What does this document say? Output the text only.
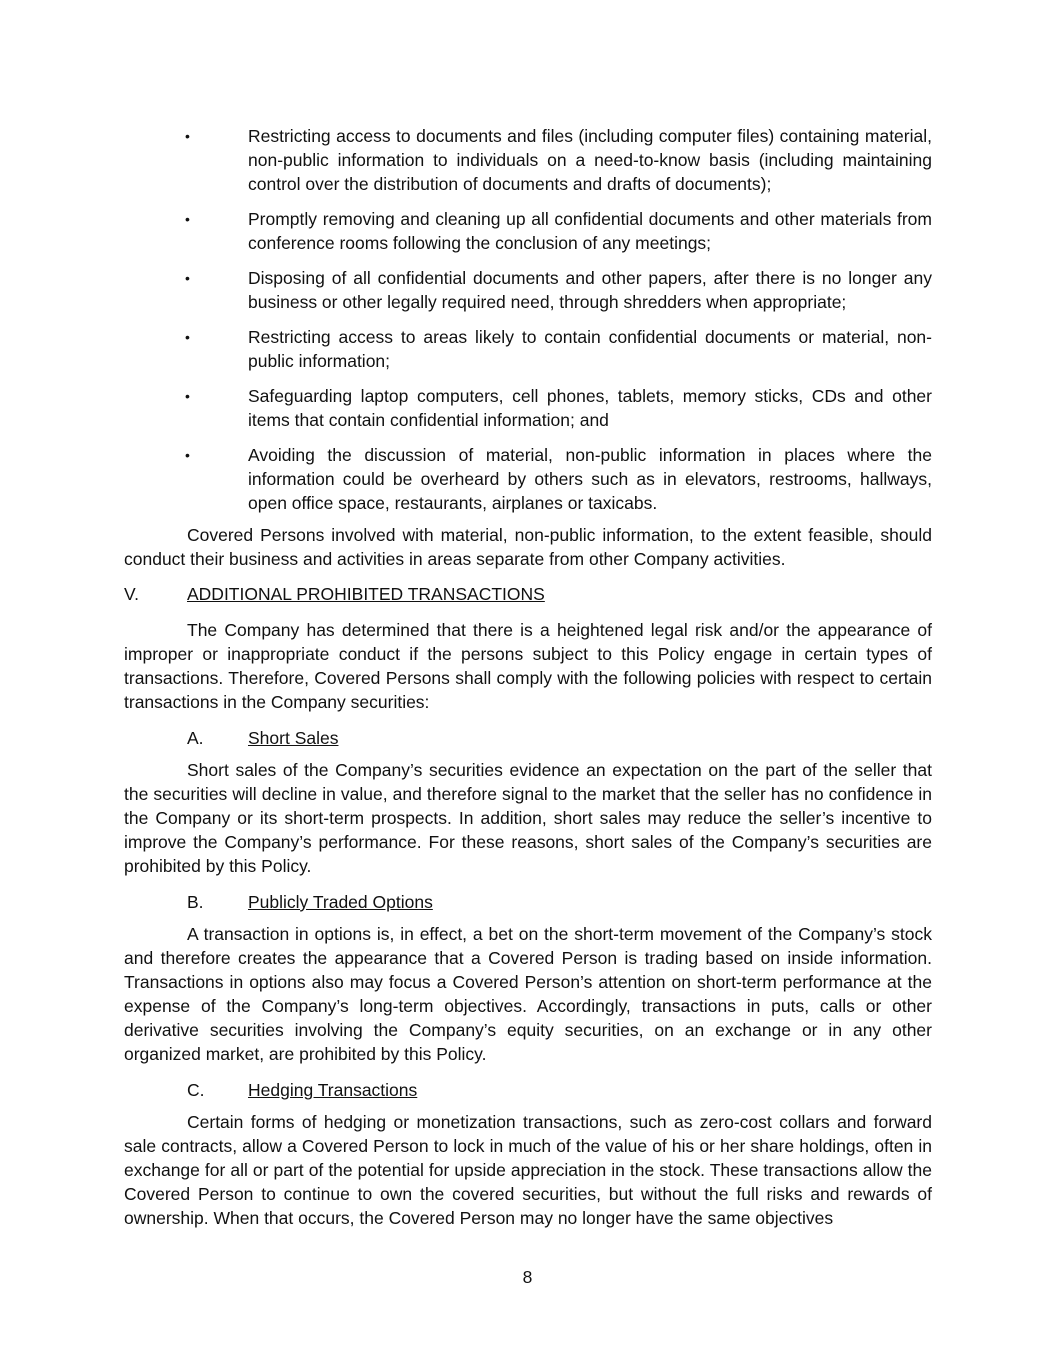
•	Restricting access to documents and files (including computer files) containing material, non-public information to individuals on a need-to-know basis (including maintaining control over the distribution of documents and drafts of documents);
•	Promptly removing and cleaning up all confidential documents and other materials from conference rooms following the conclusion of any meetings;
•	Disposing of all confidential documents and other papers, after there is no longer any business or other legally required need, through shredders when appropriate;
•	Restricting access to areas likely to contain confidential documents or material, non-public information;
•	Safeguarding laptop computers, cell phones, tablets, memory sticks, CDs and other items that contain confidential information; and
•	Avoiding the discussion of material, non-public information in places where the information could be overheard by others such as in elevators, restrooms, hallways, open office space, restaurants, airplanes or taxicabs.

Covered Persons involved with material, non-public information, to the extent feasible, should conduct their business and activities in areas separate from other Company activities.

V.	ADDITIONAL PROHIBITED TRANSACTIONS

The Company has determined that there is a heightened legal risk and/or the appearance of improper or inappropriate conduct if the persons subject to this Policy engage in certain types of transactions. Therefore, Covered Persons shall comply with the following policies with respect to certain transactions in the Company securities:

A.	Short Sales

Short sales of the Company’s securities evidence an expectation on the part of the seller that the securities will decline in value, and therefore signal to the market that the seller has no confidence in the Company or its short-term prospects. In addition, short sales may reduce the seller’s incentive to improve the Company’s performance. For these reasons, short sales of the Company’s securities are prohibited by this Policy.

B.	Publicly Traded Options

A transaction in options is, in effect, a bet on the short-term movement of the Company’s stock and therefore creates the appearance that a Covered Person is trading based on inside information. Transactions in options also may focus a Covered Person’s attention on short-term performance at the expense of the Company’s long-term objectives. Accordingly, transactions in puts, calls or other derivative securities involving the Company’s equity securities, on an exchange or in any other organized market, are prohibited by this Policy.

C.	Hedging Transactions

Certain forms of hedging or monetization transactions, such as zero-cost collars and forward sale contracts, allow a Covered Person to lock in much of the value of his or her share holdings, often in exchange for all or part of the potential for upside appreciation in the stock. These transactions allow the Covered Person to continue to own the covered securities, but without the full risks and rewards of ownership. When that occurs, the Covered Person may no longer have the same objectives

8
